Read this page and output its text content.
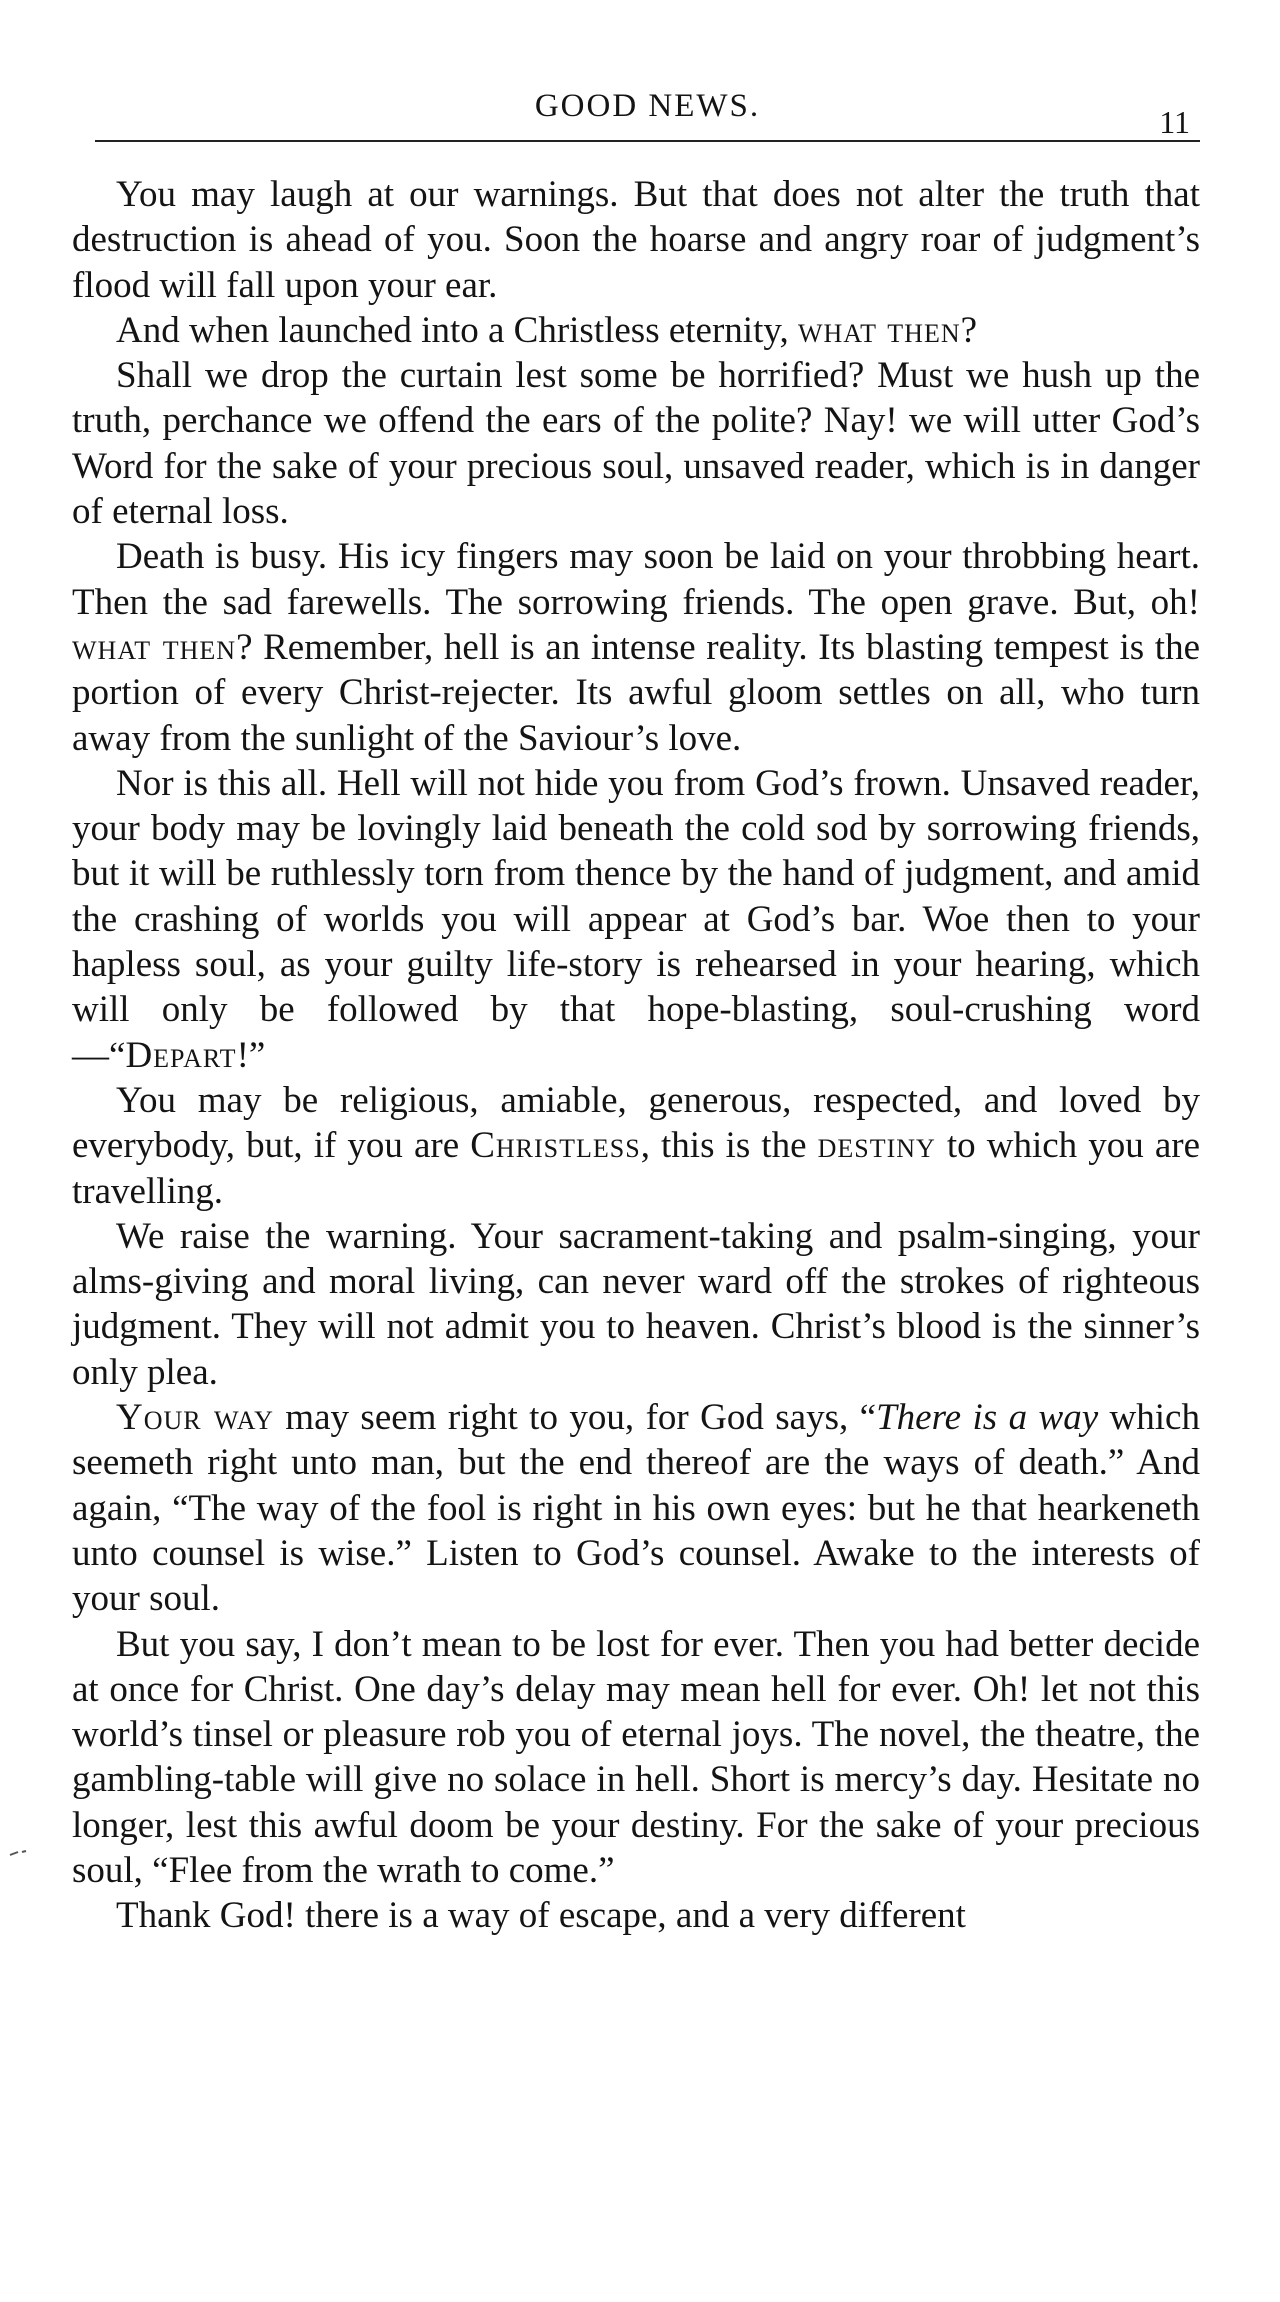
GOOD NEWS.	11

You may laugh at our warnings. But that does not alter the truth that destruction is ahead of you. Soon the hoarse and angry roar of judgment’s flood will fall upon your ear.

And when launched into a Christless eternity, what then?

Shall we drop the curtain lest some be horrified? Must we hush up the truth, perchance we offend the ears of the polite? Nay! we will utter God’s Word for the sake of your precious soul, unsaved reader, which is in danger of eternal loss.

Death is busy. His icy fingers may soon be laid on your throbbing heart. Then the sad farewells. The sorrowing friends. The open grave. But, oh! what then? Remember, hell is an intense reality. Its blasting tempest is the portion of every Christ-rejecter. Its awful gloom settles on all, who turn away from the sunlight of the Saviour’s love.

Nor is this all. Hell will not hide you from God’s frown. Unsaved reader, your body may be lovingly laid beneath the cold sod by sorrowing friends, but it will be ruthlessly torn from thence by the hand of judgment, and amid the crashing of worlds you will appear at God’s bar. Woe then to your hapless soul, as your guilty life-story is rehearsed in your hearing, which will only be followed by that hope-blasting, soul-crushing word —“Depart!”

You may be religious, amiable, generous, respected, and loved by everybody, but, if you are Christless, this is the destiny to which you are travelling.

We raise the warning. Your sacrament-taking and psalm-singing, your alms-giving and moral living, can never ward off the strokes of righteous judgment. They will not admit you to heaven. Christ’s blood is the sinner’s only plea.

Your way may seem right to you, for God says, “There is a way which seemeth right unto man, but the end thereof are the ways of death.” And again, “The way of the fool is right in his own eyes: but he that hearkeneth unto counsel is wise.” Listen to God’s counsel. Awake to the interests of your soul.

But you say, I don’t mean to be lost for ever. Then you had better decide at once for Christ. One day’s delay may mean hell for ever. Oh! let not this world’s tinsel or pleasure rob you of eternal joys. The novel, the theatre, the gambling-table will give no solace in hell. Short is mercy’s day. Hesitate no longer, lest this awful doom be your destiny. For the sake of your precious soul, “Flee from the wrath to come.”

Thank God! there is a way of escape, and a very different
